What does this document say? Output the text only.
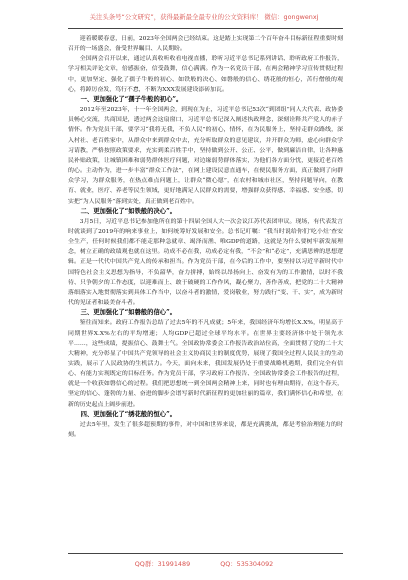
关注头条号“公文研究”，获得最新最全最专业的公文资料库！ 微信：gongwenxj

迎着暖暖春意，日前，2023年全国两会已经结束。这是踏上实现第二个百年奋斗目标新征程重要时刻召开的一场盛会，备受世界瞩目、人民期盼。

全国两会召开以来，通过认真收听收看电视直播，聆听习近平总书记系列讲话、聆听政府工作报告，学习相关评论文章，倍感振奋，信受鼓舞，信心满满。作为一名党员干部，在两会精神学习宣传贯彻过程中，更加坚定、强化了孺子牛般的初心、如铁般的决心、如磐般的信心、绣花般的恒心，苦行僧般的观心，将踔厉奋发，笃行不怠，不断为XXX发展建设添砖加瓦。

一、更加强化了“孺子牛般的初心”。

2012年至2023年，十一年全国两会，到现在为止，习近平总书记53次“到团组”同人大代表、政协委员畅心交流，共商国是，透过两会这扇窗口，习近平总书记深入阐述执政理念，深刻诠释共产党人的赤子情怀。作为党员干部，要学习“我将无我，不负人民”的初心，情怀，在为民服务上，坚持走群众路线，深入村社、老百姓家中，从群众中来到群众中去，充分听取群众的意见建议，并开群众为师，虚心向群众学习请教，严格按照政策要求，充实到柔百姓手中，坚持做到公开、公正、公平，做到廉洁自律，让各种惠民补贴政策，让城镇困难和弱势群体医疗问题，对边缘弱势群体落实，为他们各方面分忧，更接近老百姓的心。主动作为，进一步丰富“群众工作法”，在网上建设民意直通车，在便民服务方面，真正做到了向群众学习，为群众服务，在热点难点问题上，让群众“微心愿”，在农村和城市社区，坚持问题导向，在教育、就业，医疗、养老等民生领域，更好地满足人民群众的需要，增强群众获得感、幸福感、安全感，切实把“为人民服务”落到实处，真正做到老百姓中。

二、更加强化了“如铁般的决心”。

3月5日，习近平总书记参加他所在的第十四届全国人大一次会议江苏代表团审议。现场，有代表发言时就谈到了2019年的响来事业上，如何统筹好发展和安全。总书记叮嘱：“我当时说给你们‘吃小灶’查安全生产，任何时候我们都不能走那种急就章、竭泽而渔、唯GDP的道路，这就是为什么要树牢新发展理念，树立正确的政绩观也就在这里。功成不必在我，功成必定有我，“不会”和“必定”，充满思辨的思想逻辑。正是一代代中国共产党人的传承和担当。作为党员干部，在今后的工作中，要坚持以习近平新时代中国特色社会主义思想为指导，不负韶华，奋力拼搏，始终以昂扬向上、奋发有为的工作激情，以时不我待、只争朝夕的工作态度，以迎难而上、敢于破硬的工作作风，凝心聚力，善作善成，把党的二十大精神落细落实入地贯彻落实到具体工作当中，以奋斗者的激情，爱岗敬业，努力践行“变、干、实”，成为新时代的见证者和最美奋斗者。

三、更加强化了“如磐般的信心”。

鉴往而知来。政府工作报告总结了过去5年的不凡成就；5年来，我国经济年均增长X.X%，明显高于同期世界X.X%左右的平均增速；人均GDP已超过全球平均水平。在世界主要经济体中处于领先水平……，这些成绩，提振信心、鼓舞士气。全国政协常委会工作报告政治站位高，全面贯彻了党的二十大大精神，充分彰显了中国共产党领导的社会主义协商民主的制度优势，展现了我国全过程人民民主的生动实践，展示了人民政协的生机活力。今天，面向未来，我国发展仍处于重要战略机遇期，我们完全有信心、有能力实现既定的目标任务。作为党员干部，学习政府工作报告、全国政协常委会工作报告的过程，就是一个收获如磐信心的过程。我们把思想统一到全国两会精神上来，同时也有理由期待，在这个春天，坚定的信心、蓬勃的力量、奋进的脚步会谱写新时代新征程的更加壮丽的篇章，我们满怀信心和希望，在新的历史起点上阔步前进。

四、更加强化了“绣花般的恒心”。

过去5年里，发生了很多超预期的事件，对中国和世界来说，都是充满挑战，都是考验治理能力的时刻。

QQ群：31991489	QQ：535304092
